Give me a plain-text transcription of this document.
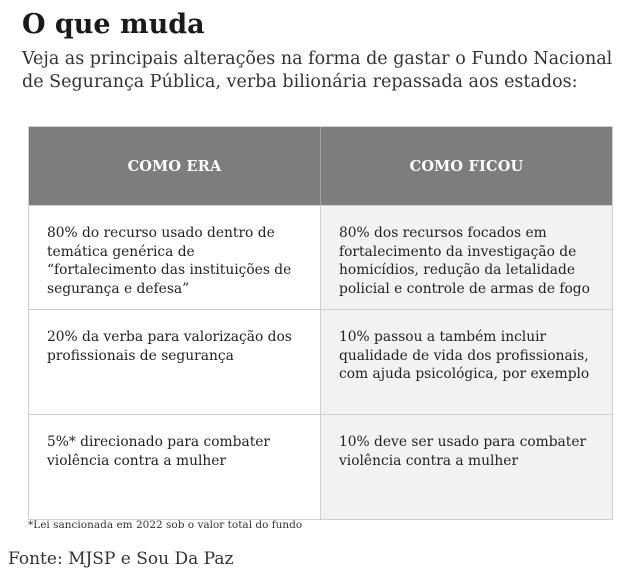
O que muda

Veja as principais alterações na forma de gastar o Fundo Nacional de Segurança Pública, verba bilionária repassada aos estados:

COMO ERA	COMO FICOU
80% do recurso usado dentro de temática genérica de “fortalecimento das instituições de segurança e defesa”
80% dos recursos focados em fortalecimento da investigação de homicídios, redução da letalidade policial e controle de armas de fogo
20% da verba para valorização dos profissionais de segurança
10% passou a também incluir qualidade de vida dos profissionais, com ajuda psicológica, por exemplo
5%* direcionado para combater violência contra a mulher
10% deve ser usado para combater violência contra a mulher

*Lei sancionada em 2022 sob o valor total do fundo

Fonte: MJSP e Sou Da Paz
